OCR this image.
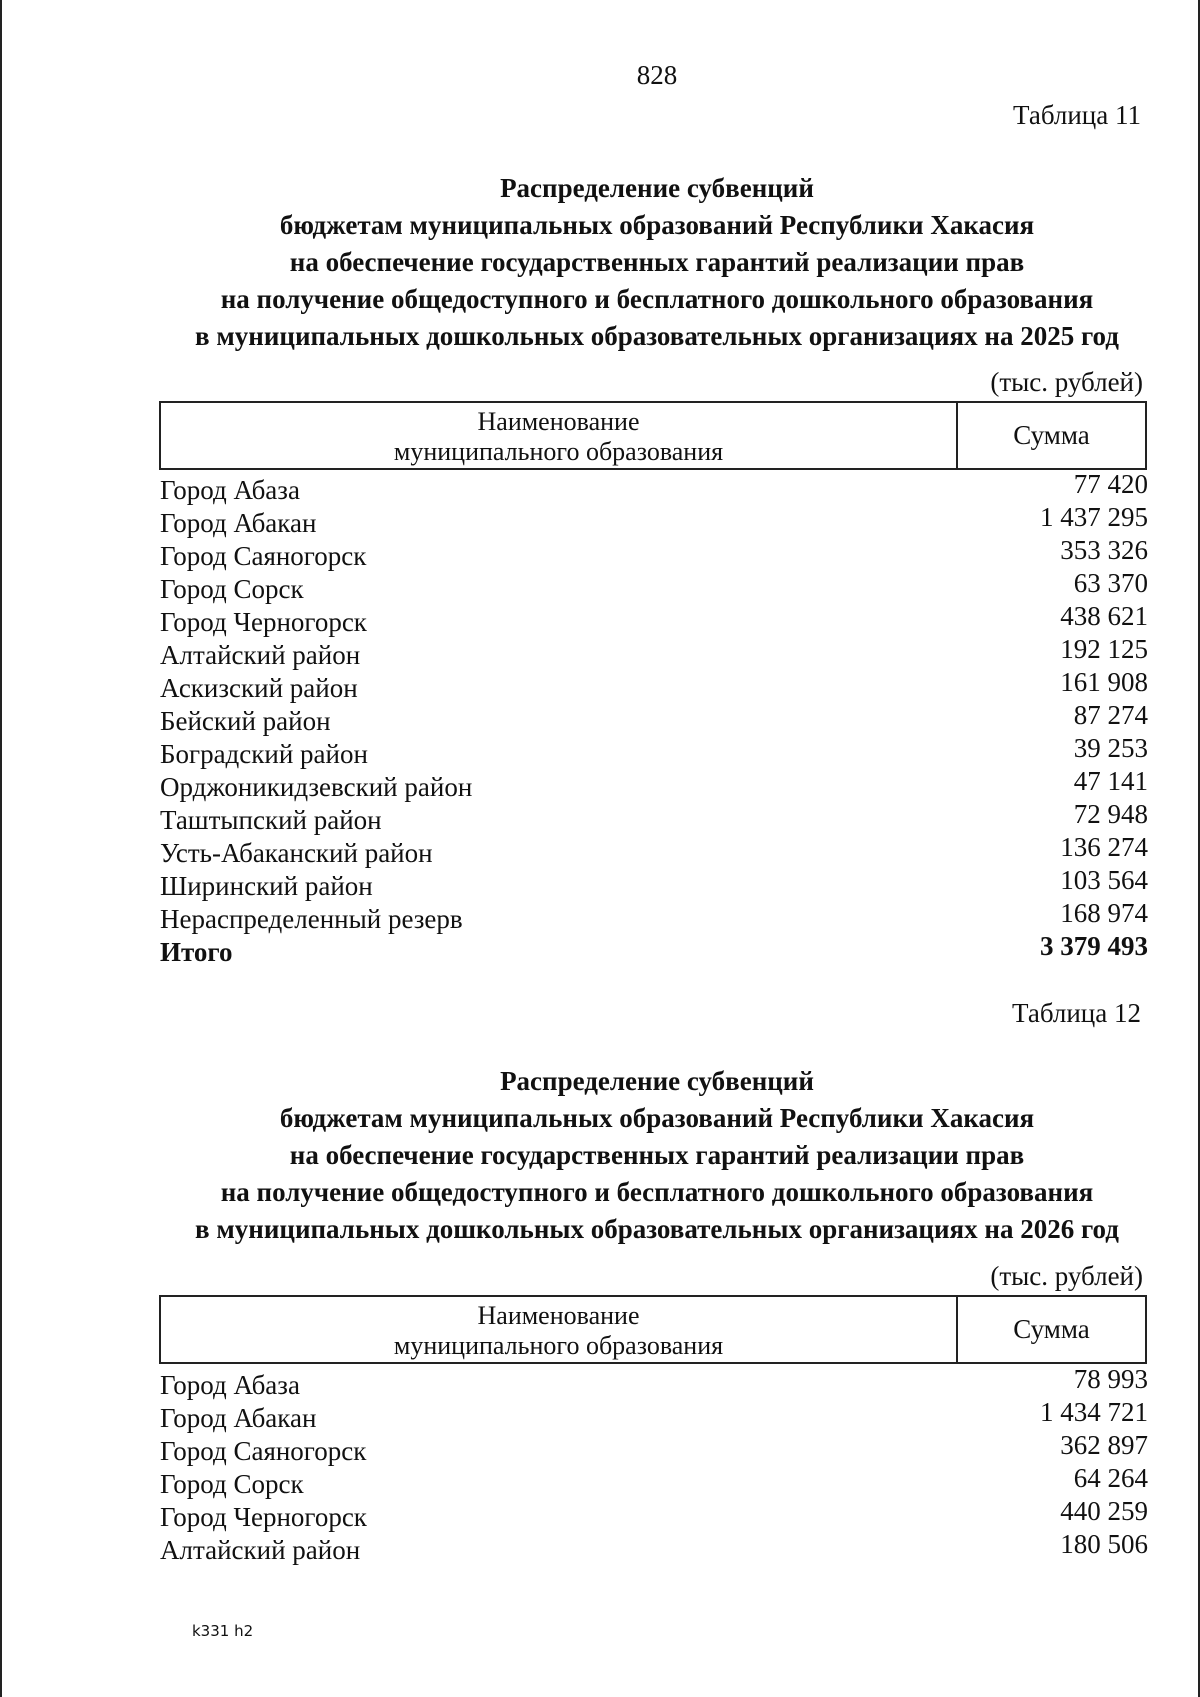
828
Таблица 11
Распределение субвенций
бюджетам муниципальных образований Республики Хакасия
на обеспечение государственных гарантий реализации прав
на получение общедоступного и бесплатного дошкольного образования
в муниципальных дошкольных образовательных организациях на 2025 год
(тыс. рублей)
Наименование
муниципального образования
Сумма
Город Абаза	77 420
Город Абакан	1 437 295
Город Саяногорск	353 326
Город Сорск	63 370
Город Черногорск	438 621
Алтайский район	192 125
Аскизский район	161 908
Бейский район	87 274
Боградский район	39 253
Орджоникидзевский район	47 141
Таштыпский район	72 948
Усть-Абаканский район	136 274
Ширинский район	103 564
Нераспределенный резерв	168 974
Итого	3 379 493
Таблица 12
Распределение субвенций
бюджетам муниципальных образований Республики Хакасия
на обеспечение государственных гарантий реализации прав
на получение общедоступного и бесплатного дошкольного образования
в муниципальных дошкольных образовательных организациях на 2026 год
(тыс. рублей)
Наименование
муниципального образования
Сумма
Город Абаза	78 993
Город Абакан	1 434 721
Город Саяногорск	362 897
Город Сорск	64 264
Город Черногорск	440 259
Алтайский район	180 506
k331 h2
